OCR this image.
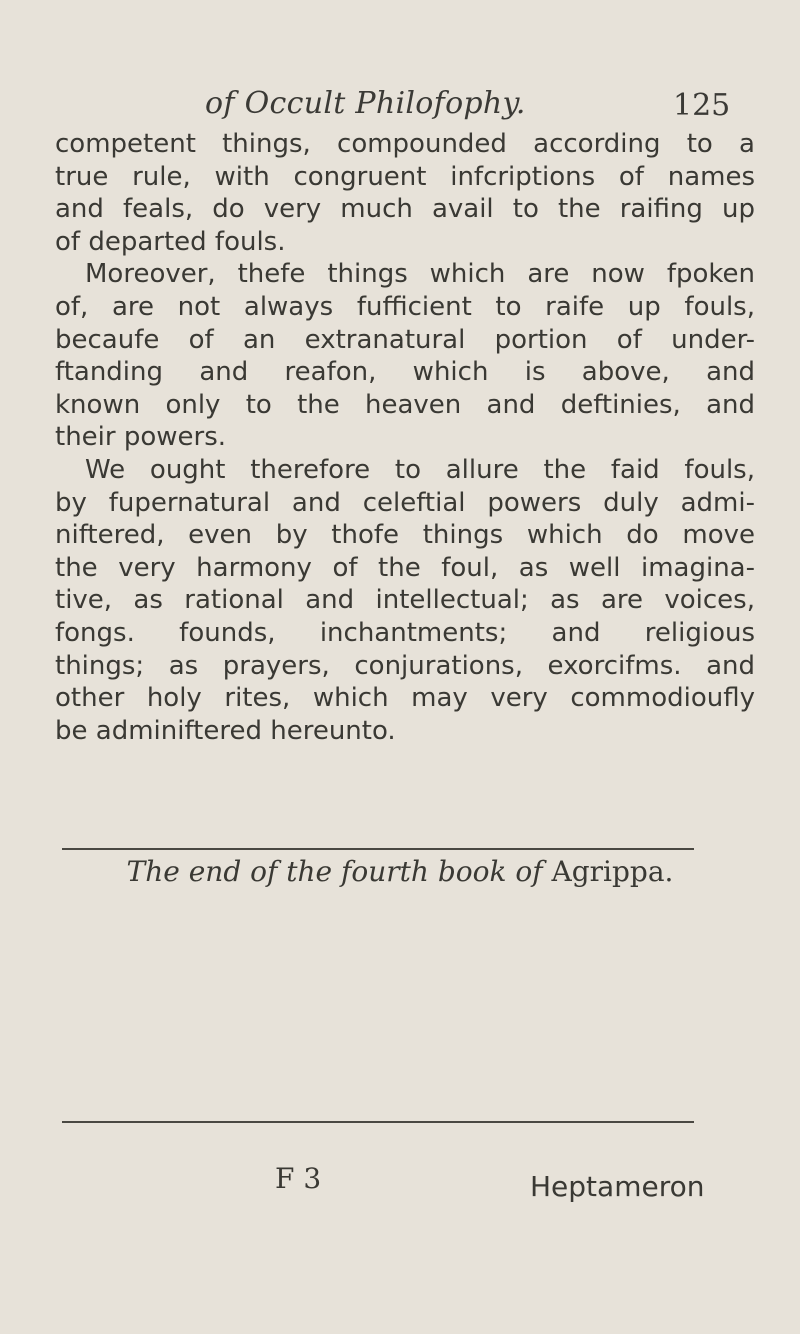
of Occult Philofophy.	125
competent things, compounded according to a
true rule, with congruent infcriptions of names
and feals, do very much avail to the raifing up
of departed fouls.
Moreover, thefe things which are now fpoken
of, are not always fufficient to raife up fouls,
becaufe of an extranatural portion of under-
ftanding and reafon, which is above, and
known only to the heaven and deftinies, and
their powers.
We ought therefore to allure the faid fouls,
by fupernatural and celeftial powers duly admi-
niftered, even by thofe things which do move
the very harmony of the foul, as well imagina-
tive, as rational and intellectual; as are voices,
fongs. founds, inchantments; and religious
things; as prayers, conjurations, exorcifms. and
other holy rites, which may very commodioufly
be adminiftered hereunto.
The end of the fourth book of Agrippa.
F 3	Heptameron
